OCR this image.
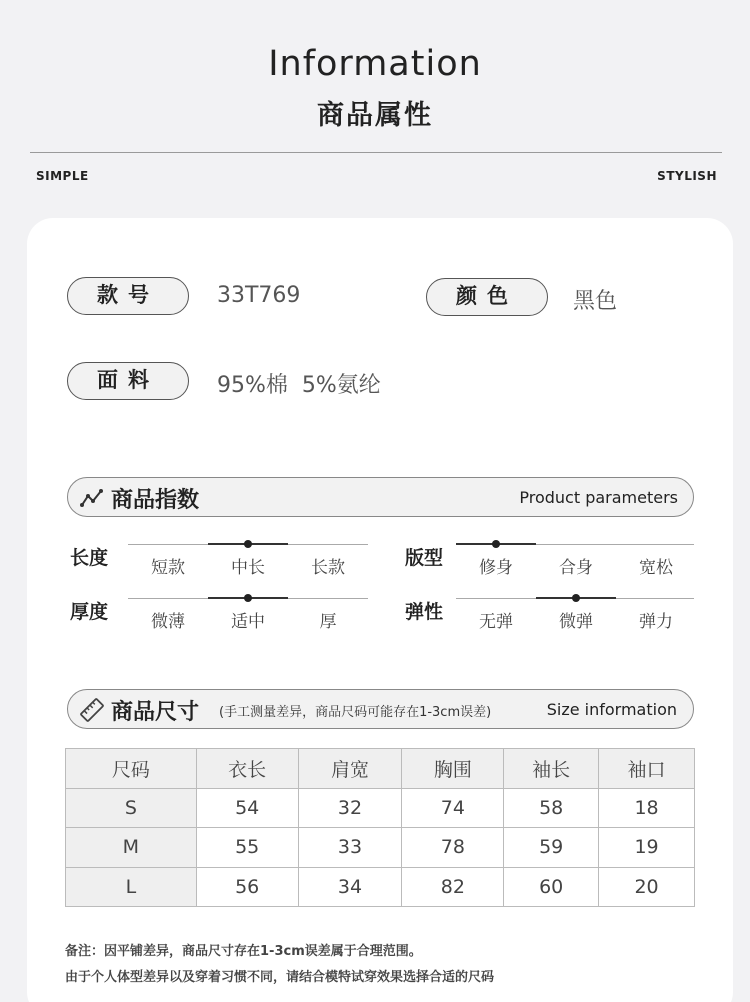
Information
商品属性
SIMPLE	STYLISH
款号	33T769	颜色	黑色
面料	95%棉  5%氨纶
商品指数	Product parameters
长度	短款	中长	长款	版型	修身	合身	宽松
厚度	微薄	适中	厚	弹性	无弹	微弹	弹力
商品尺寸 (手工测量差异，商品尺码可能存在1-3cm误差)	Size information
尺码	衣长	肩宽	胸围	袖长	袖口
S	54	32	74	58	18
M	55	33	78	59	19
L	56	34	82	60	20
备注：因平铺差异，商品尺寸存在1-3cm误差属于合理范围。
由于个人体型差异以及穿着习惯不同，请结合模特试穿效果选择合适的尺码
